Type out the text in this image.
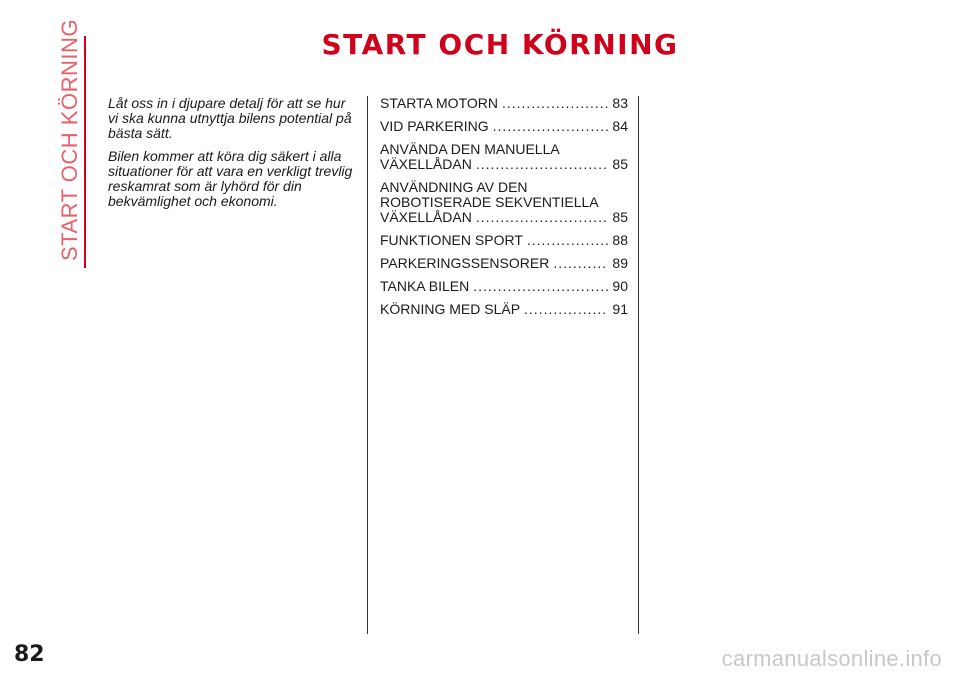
START OCH KÖRNING	START OCH KÖRNING

Låt oss in i djupare detalj för att se hur vi ska kunna utnyttja bilens potential på bästa sätt.

Bilen kommer att köra dig säkert i alla situationer för att vara en verkligt trevlig reskamrat som är lyhörd för din bekvämlighet och ekonomi.

STARTA MOTORN .....	83
VID PARKERING .....	84
ANVÄNDA DEN MANUELLA
VÄXELLÅDAN .....	85
ANVÄNDNING AV DEN
ROBOTISERADE SEKVENTIELLA
VÄXELLÅDAN .....	85
FUNKTIONEN SPORT .....	88
PARKERINGSSENSORER .....	89
TANKA BILEN .....	90
KÖRNING MED SLÄP .....	91
82	carmanualsonline.info
